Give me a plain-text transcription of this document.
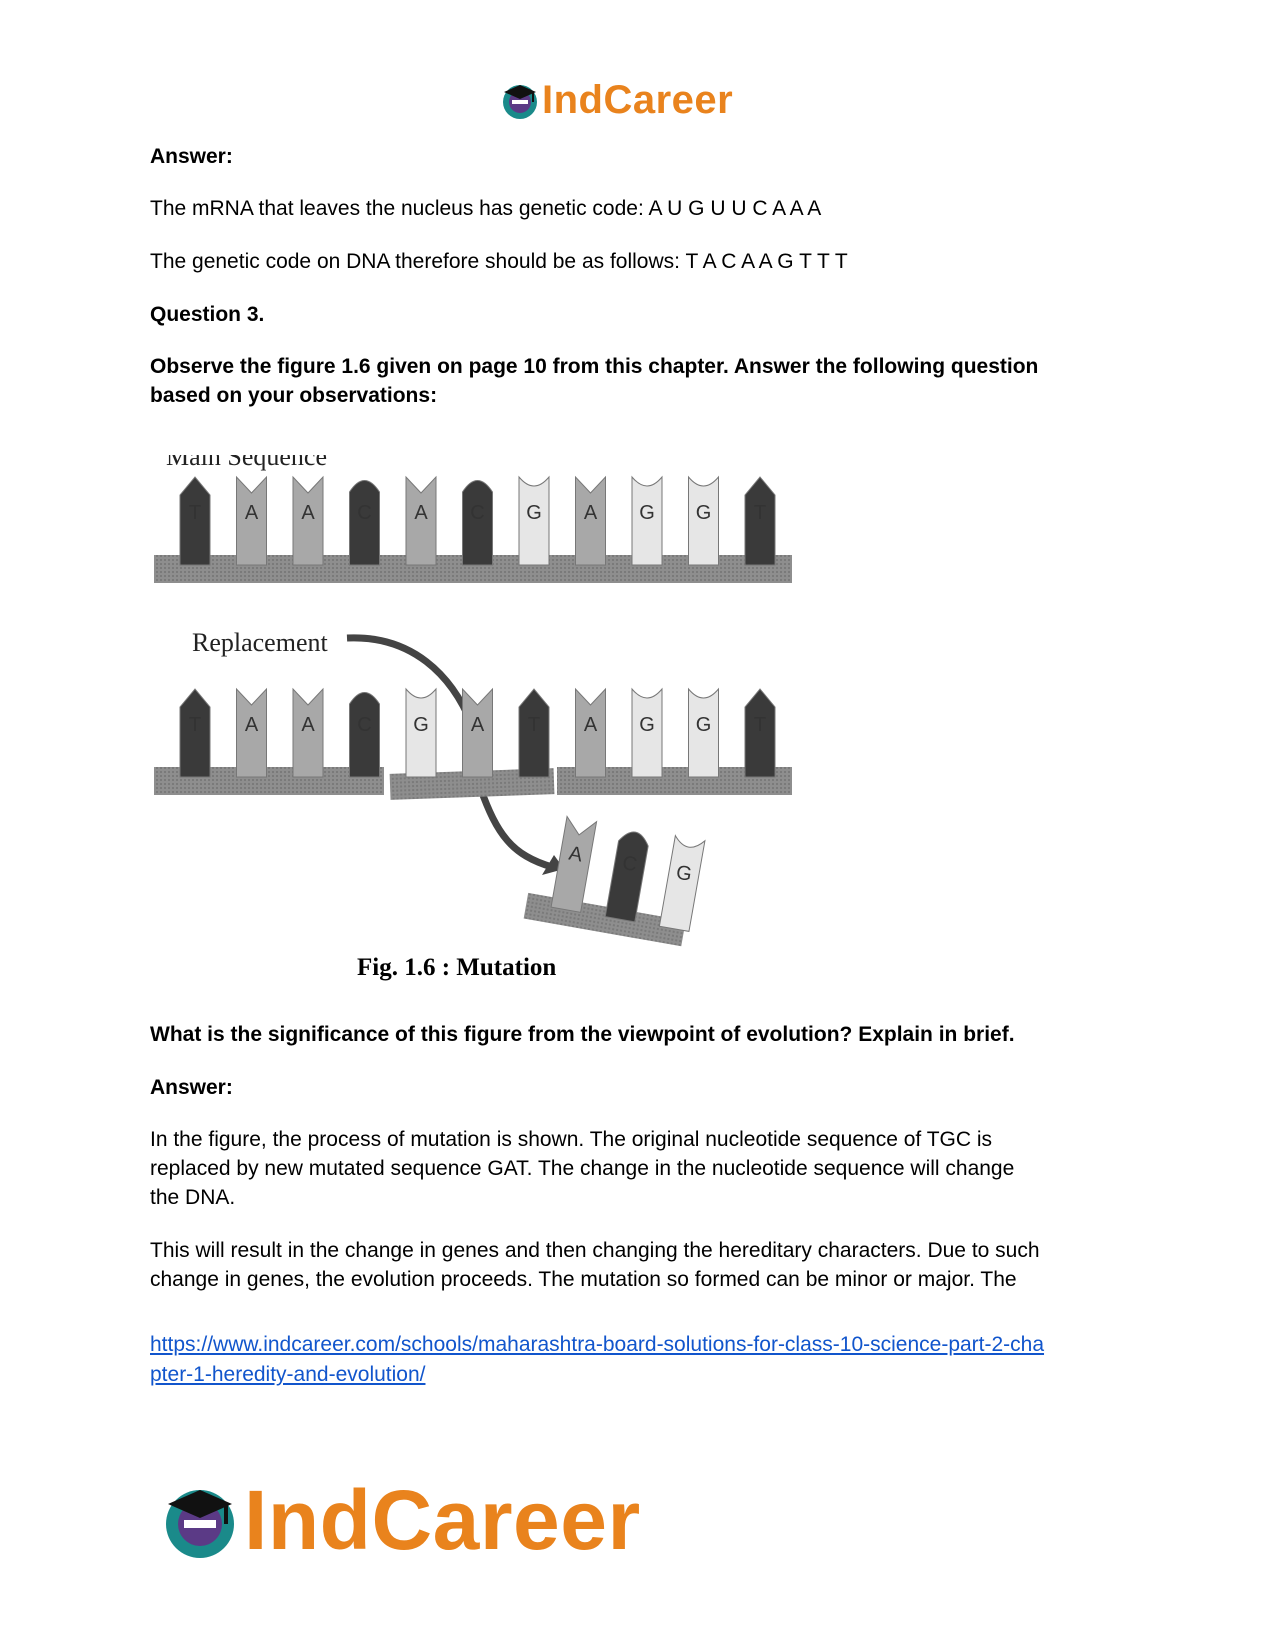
IndCareer

Answer:

The mRNA that leaves the nucleus has genetic code: A U G U U C A A A

The genetic code on DNA therefore should be as follows: T A C A A G T T T

Question 3.

Observe the figure 1.6 given on page 10 from this chapter. Answer the following question

based on your observations:

Main Sequence
T A A C A C G A G G T
Replacement
T A A C G A T A G G T
A C G
Fig. 1.6 : Mutation

What is the significance of this figure from the viewpoint of evolution? Explain in brief.

Answer:

In the figure, the process of mutation is shown. The original nucleotide sequence of TGC is

replaced by new mutated sequence GAT. The change in the nucleotide sequence will change

the DNA.

This will result in the change in genes and then changing the hereditary characters. Due to such

change in genes, the evolution proceeds. The mutation so formed can be minor or major. The

https://www.indcareer.com/schools/maharashtra-board-solutions-for-class-10-science-part-2-cha
pter-1-heredity-and-evolution/

IndCareer
